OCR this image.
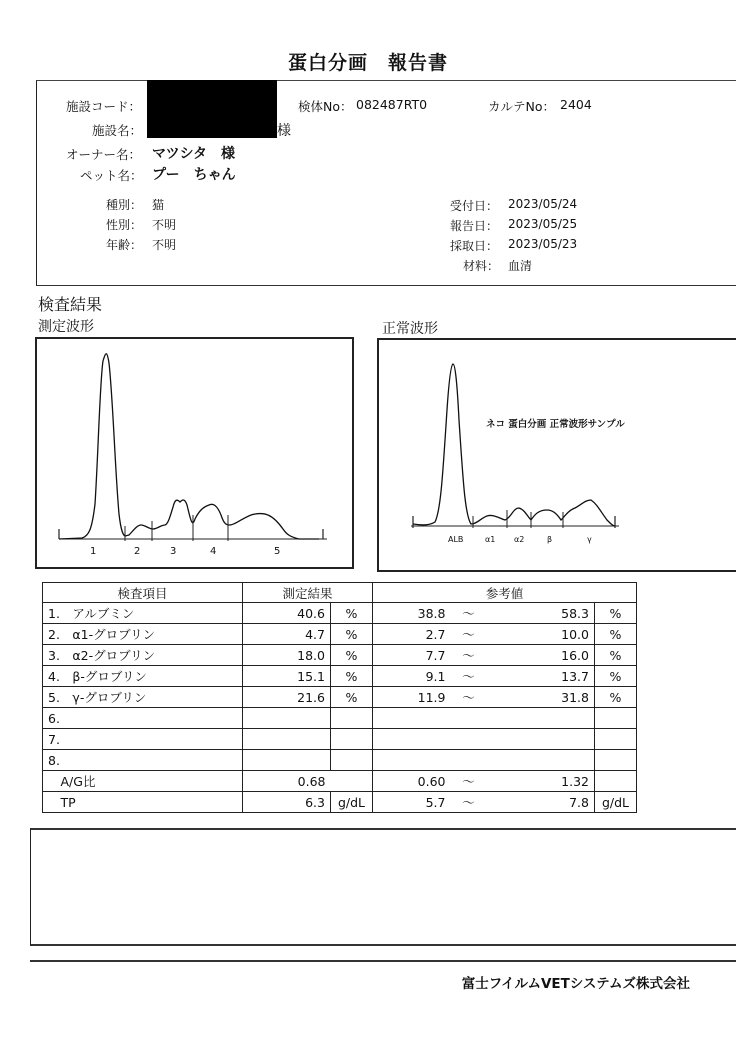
蛋白分画　報告書
施設コード：
施設名：	様
検体No： 082487RT0	カルテNo： 2404
オーナー名： マツシタ　様
ペット名： プー　ちゃん
種別： 猫
性別： 不明
年齢： 不明
受付日： 2023/05/24
報告日： 2023/05/25
採取日： 2023/05/23
材料： 血清
検査結果
測定波形	正常波形
1	2	3	4	5
ネコ 蛋白分画 正常波形サンプル
ALB	α1 α2	β	γ
検査項目	測定結果		参考値			
1.　アルブミン	40.6	%	38.8	～	58.3	%
2.　α1-グロブリン	4.7	%	2.7	～	10.0	%
3.　α2-グロブリン	18.0	%	7.7	～	16.0	%
4.　β-グロブリン	15.1	%	9.1	～	13.7	%
5.　γ-グロブリン	21.6	%	11.9	～	31.8	%
6.						
7.						
8.						
　A/G比	0.68		0.60	～	1.32	
　TP	6.3	g/dL	5.7	～	7.8	g/dL
富士フイルムVETシステムズ株式会社
